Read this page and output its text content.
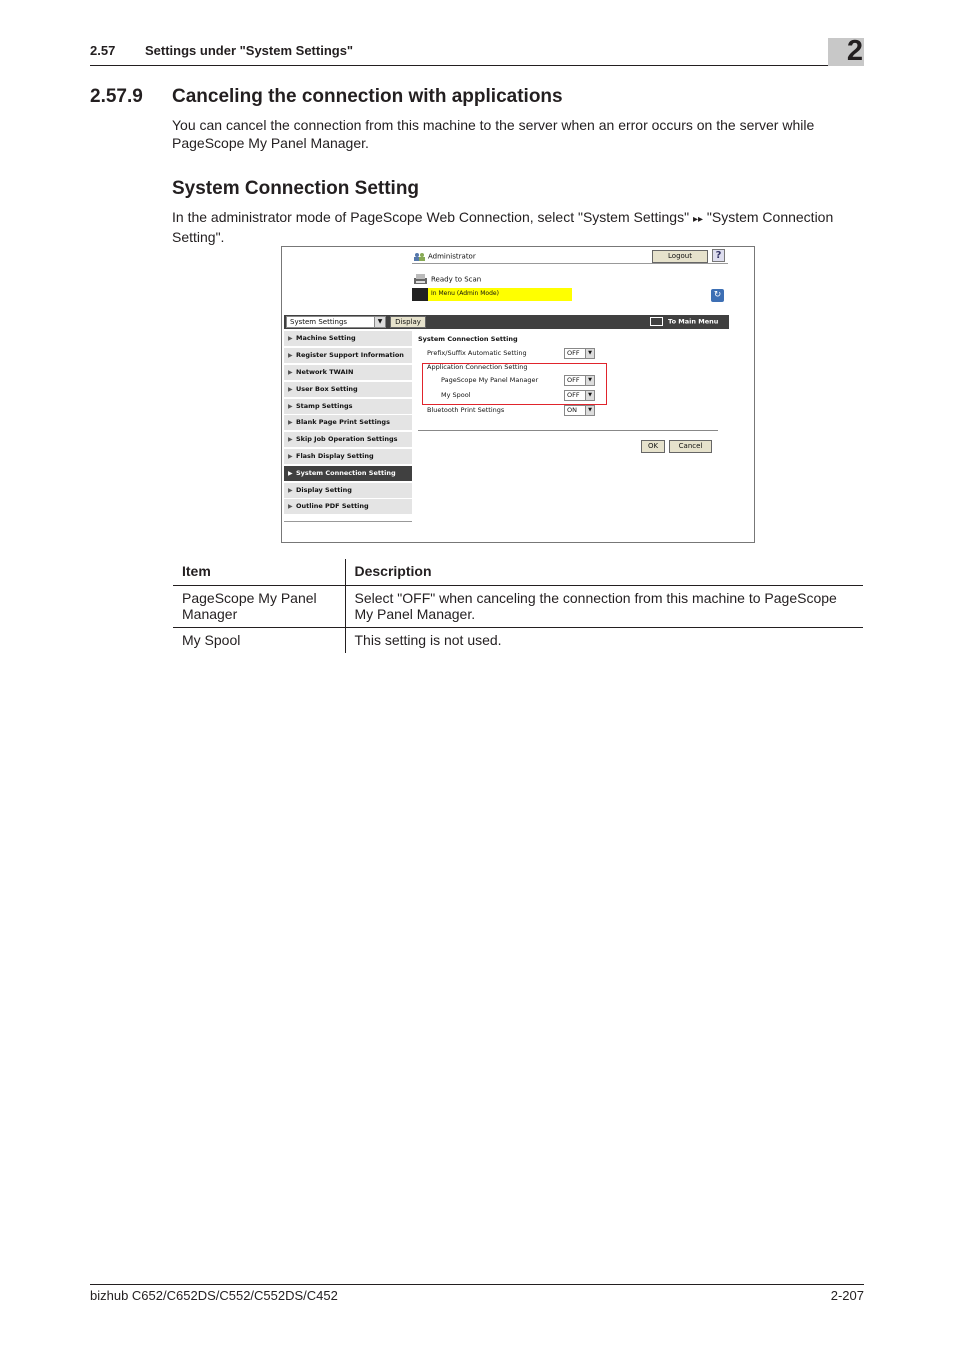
2.57 Settings under "System Settings"	2
2.57.9 Canceling the connection with applications

You can cancel the connection from this machine to the server when an error occurs on the server while PageScope My Panel Manager.

System Connection Setting

In the administrator mode of PageScope Web Connection, select "System Settings" ▸▸ "System Connection Setting".

Administrator	Logout	?
Ready to Scan
In Menu (Admin Mode)	↻
System Settings	▼	Display	To Main Menu
▶ Machine Setting
▶ Register Support Information
▶ Network TWAIN
▶ User Box Setting
▶ Stamp Settings
▶ Blank Page Print Settings
▶ Skip Job Operation Settings
▶ Flash Display Setting
▶ System Connection Setting
▶ Display Setting
▶ Outline PDF Setting
System Connection Setting
Prefix/Suffix Automatic Setting	OFF	▼
Application Connection Setting
PageScope My Panel Manager	OFF	▼
My Spool	OFF	▼
Bluetooth Print Settings	ON	▼
OK	Cancel
Item	Description
PageScope My Panel Manager	Select "OFF" when canceling the connection from this machine to PageScope My Panel Manager.
My Spool	This setting is not used.
bizhub C652/C652DS/C552/C552DS/C452	2-207
